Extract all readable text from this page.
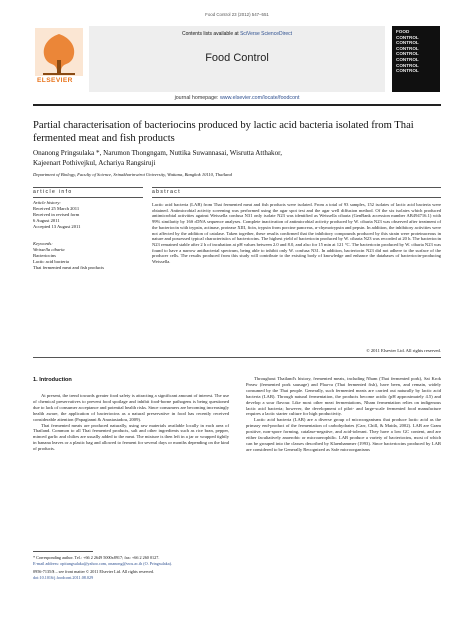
Food Control 23 (2012) 547–551
ELSEVIER
Contents lists available at SciVerse ScienceDirect
Food Control
journal homepage: www.elsevier.com/locate/foodcont
FOOD
CONTROL
CONTROL
CONTROL
CONTROL
CONTROL
CONTROL
CONTROL
Partial characterisation of bacteriocins produced by lactic acid bacteria isolated from Thai fermented meat and fish products
Onanong Pringsulaka *, Narumon Thongngam, Nuttika Suwannasai, Wisrutta Atthakor,
Kajeenart Pothivejkul, Achariya Rangsiruji
Department of Biology, Faculty of Science, Srinakharinwirot University, Wattana, Bangkok 10110, Thailand
article info
Article history:
Received 25 March 2011
Received in revised form
6 August 2011
Accepted 13 August 2011
Keywords:
Weissella cibaria
Bacteriocins
Lactic acid bacteria
Thai fermented meat and fish products
abstract
Lactic acid bacteria (LAB) from Thai fermented meat and fish products were isolated. From a total of 93 samples, 152 isolates of lactic acid bacteria were obtained. Antimicrobial activity screening was performed using the agar spot test and the agar well diffusion method. Of the six isolates which produced antimicrobial activities against Weissella confusa N31 only isolate N23 was identified as Weissella cibaria (GenBank accession number AB494716.1) with 99% similarity by 16S rDNA sequence analyses. Complete inactivation of antimicrobial activity produced by W. cibaria N23 was observed after treatment of the bacteriocin with trypsin, actinase, protease XIII, ficin, trypsin from porcine pancreas, α-chymotrypsin and pepsin. In addition, the inhibitory activities were not affected by the addition of catalase. Taken together, these results confirmed that the inhibitory compounds produced by this strain were proteinaceous in nature and possessed typical characteristics of bacteriocins. The highest yield of bacteriocin produced by W. cibaria N23 was recorded at 20 h. The bacteriocin N23 remained stable after 2 h of incubation at pH values between 2.0 and 8.0, and also for 15 min at 121 °C. The bacteriocin produced by W. cibaria N23 was found to have a narrow antibacterial spectrum, being able to inhibit only W. confusa N31. In addition, bacteriocin N23 did not adhere to the surface of the producer cells. The results produced from this study will contribute to the existing body of knowledge and enhance the databases of bacteriocin-producing Weissella.
© 2011 Elsevier Ltd. All rights reserved.
1. Introduction

At present, the trend towards greater food safety is attracting a significant amount of interest. The use of chemical preservatives to prevent food spoilage and inhibit food-borne pathogens is being questioned due to lack of consumer acceptance and potential health risks. Since consumers are becoming increasingly health aware, the application of bacteriocins as a natural preservative in food has recently received considerable attention (Papagianni & Anastasiadou, 2009).

Thai fermented meats are produced naturally, using raw materials available locally in each area of Thailand. Common to all Thai fermented products, salt and other ingredients such as rice bran, pepper, minced garlic and chilies are usually added to the meat. The mixture is then left in a jar or wrapped tightly in banana leaves or a plastic bag and allowed to ferment for several days or months depending on the kind of products.

Throughout Thailand's history, fermented meats, including Nham (Thai fermented pork), Sai Krok Preaw (fermented pork sausage) and Plaa-ra (Thai fermented fish), have been, and remain, widely consumed by the Thai people. Generally, such fermented meats are carried out naturally by lactic acid bacteria (LAB). Through natural fermentation, the products become acidic (pH approximately 4.5) and develop a sour flavour. Like most other meat fermentations, Nham fermentation relies on indigenous lactic acid bacteria; however, the development of pilot- and large-scale fermented food manufacture requires a lactic starter culture for high productivity.

Lactic acid bacteria (LAB) are a diverse group of microorganisms that produce lactic acid as the primary end-product of the fermentation of carbohydrates (Carr, Chill, & Maida, 2002). LAB are Gram positive, non-spore forming, catalase-negative, and acid-tolerant. They have a low GC content, and are either facultatively anaerobic or microaerophilic. LAB produce a variety of bacteriocins, most of which can be grouped into the classes described by Klaenhammer (1993). Since bacteriocins produced by LAB are considered to be Generally Recognized as Safe microorganisms

* Corresponding author. Tel.: +66 2 2649 5000x8917; fax: +66 2 260 0127.
E-mail address: opitungsulaka@yahoo.com, onanong@swu.ac.th (O. Pringsulaka).
0956-7135/$ – see front matter © 2011 Elsevier Ltd. All rights reserved.
doi:10.1016/j.foodcont.2011.08.029
